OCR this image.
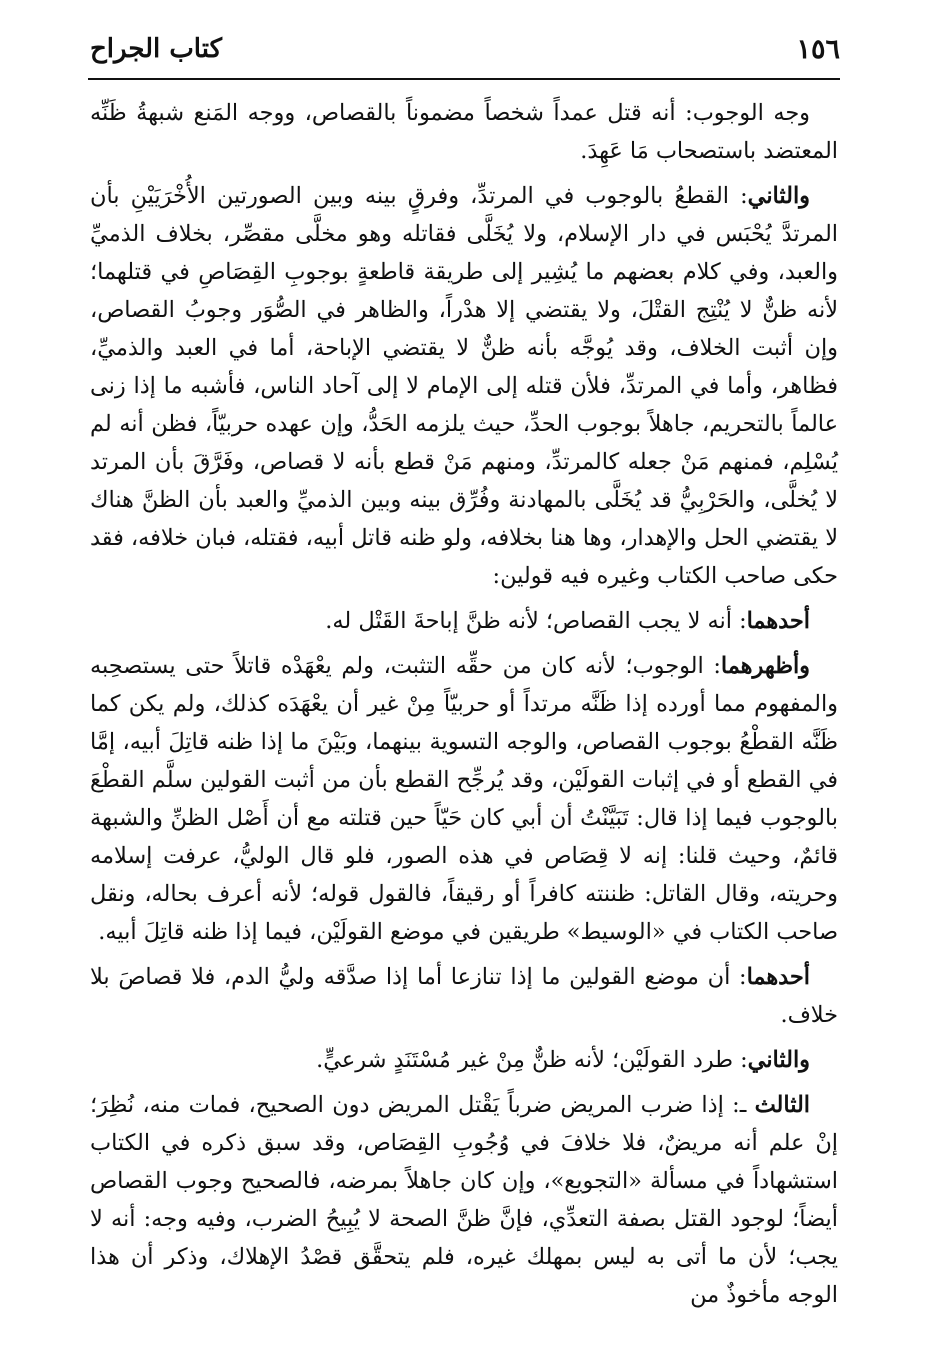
١٥٦
كتاب الجراح

وجه الوجوب: أنه قتل عمداً شخصاً مضموناً بالقصاص، ووجه المَنع شبهةُ ظَنِّه المعتضد باستصحاب مَا عَهِدَ.

والثاني: القطعُ بالوجوب في المرتدِّ، وفرقٍ بينه وبين الصورتين الأُخْرَيَيْنِ بأن المرتدَّ يُحْبَس في دار الإسلام، ولا يُخَلَّى فقاتله وهو مخلَّى مقصِّر، بخلاف الذميِّ والعبد، وفي كلام بعضهم ما يُشِير إلى طريقة قاطعةٍ بوجوبِ القِصَاصِ في قتلهما؛ لأنه ظنٌّ لا يُنْتِج القتْلَ، ولا يقتضي إلا هدْراً، والظاهر في الصُّوَر وجوبُ القصاص، وإن أثبت الخلاف، وقد يُوجَّه بأنه ظنٌّ لا يقتضي الإباحة، أما في العبد والذميِّ، فظاهر، وأما في المرتدِّ، فلأن قتله إلى الإمام لا إلى آحاد الناس، فأشبه ما إذا زنى عالماً بالتحريم، جاهلاً بوجوب الحدِّ، حيث يلزمه الحَدُّ، وإن عهده حربيّاً، فظن أنه لم يُسْلِم، فمنهم مَنْ جعله كالمرتدِّ، ومنهم مَنْ قطع بأنه لا قصاص، وفَرَّقَ بأن المرتد لا يُخلَّى، والحَرْبِيُّ قد يُخَلَّى بالمهادنة وفُرِّق بينه وبين الذميِّ والعبد بأن الظنَّ هناك لا يقتضي الحل والإهدار، وها هنا بخلافه، ولو ظنه قاتل أبيه، فقتله، فبان خلافه، فقد حكى صاحب الكتاب وغيره فيه قولين:

أحدهما: أنه لا يجب القصاص؛ لأنه ظنَّ إباحةَ القَتْل له.

وأظهرهما: الوجوب؛ لأنه كان من حقِّه التثبت، ولم يعْهَدْه قاتلاً حتى يستصحِبه والمفهوم مما أورده إذا ظَنَّه مرتداً أو حربيّاً مِنْ غير أن يعْهَدَه كذلك، ولم يكن كما ظَنَّه القطْعُ بوجوب القصاص، والوجه التسوية بينهما، وبَيْنَ ما إذا ظنه قاتِلَ أبيه، إمَّا في القطع أو في إثبات القولَيْن، وقد يُرجِّح القطع بأن من أثبت القولين سلَّم القطْعَ بالوجوب فيما إذا قال: تَبَيَّنْتُ أن أبي كان حَيّاً حين قتلته مع أن أَصْل الظنِّ والشبهة قائمٌ، وحيث قلنا: إنه لا قِصَاص في هذه الصور، فلو قال الوليُّ، عرفت إسلامه وحريته، وقال القاتل: ظننته كافراً أو رقيقاً، فالقول قوله؛ لأنه أعرف بحاله، ونقل صاحب الكتاب في «الوسيط» طريقين في موضع القولَيْن، فيما إذا ظنه قاتِلَ أبيه.

أحدهما: أن موضع القولين ما إذا تنازعا أما إذا صدَّقه وليُّ الدم، فلا قصاصَ بلا خلاف.

والثاني: طرد القولَيْن؛ لأنه ظنٌّ مِنْ غير مُسْتَنَدٍ شرعيٍّ.

الثالث ـ: إذا ضرب المريض ضرباً يَقْتل المريض دون الصحيح، فمات منه، نُظِرَ؛ إنْ علم أنه مريضٌ، فلا خلافَ في وُجُوبِ القِصَاص، وقد سبق ذكره في الكتاب استشهاداً في مسألة «التجويع»، وإن كان جاهلاً بمرضه، فالصحيح وجوب القصاص أيضاً؛ لوجود القتل بصفة التعدِّي، فإنَّ ظنَّ الصحة لا يُبِيحُ الضرب، وفيه وجه: أنه لا يجب؛ لأن ما أتى به ليس بمهلك غيره، فلم يتحقَّق قصْدُ الإهلاك، وذكر أن هذا الوجه مأخوذٌ من
